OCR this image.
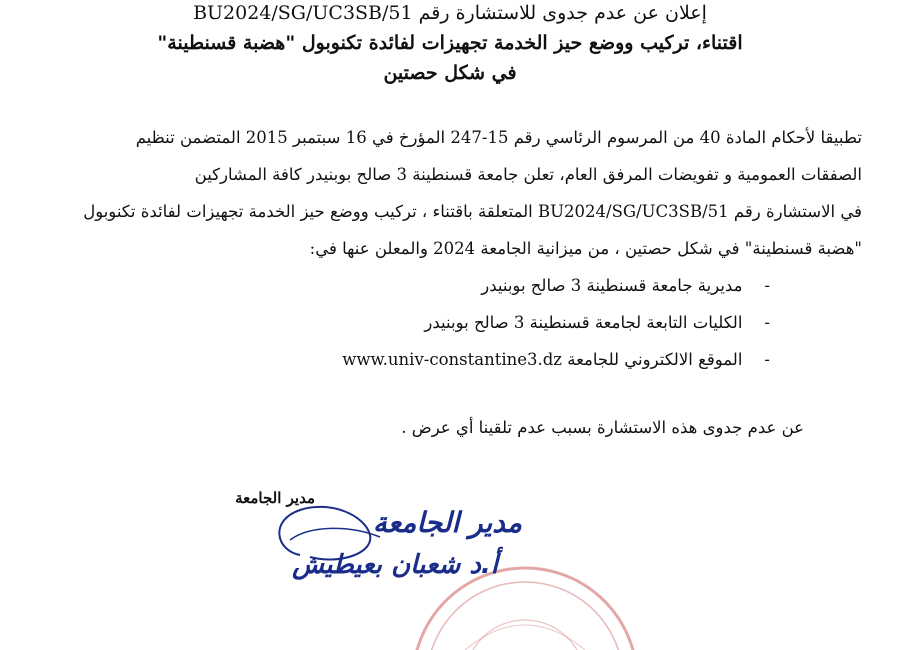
إعلان عن عدم جدوى للاستشارة رقم BU2024/SG/UC3SB/51
اقتناء، تركيب ووضع حيز الخدمة تجهيزات لفائدة تكنوبول "هضبة قسنطينة"
في شكل حصتين
تطبيقا لأحكام المادة 40 من المرسوم الرئاسي رقم 15-247 المؤرخ في 16 سبتمبر 2015 المتضمن تنظيم
الصفقات العمومية و تفويضات المرفق العام، تعلن جامعة قسنطينة 3 صالح بوبنيدر كافة المشاركين
في الاستشارة رقم BU2024/SG/UC3SB/51 المتعلقة باقتناء ، تركيب ووضع حيز الخدمة تجهيزات لفائدة تكنوبول
"هضبة قسنطينة" في شكل حصتين ، من ميزانية الجامعة 2024 والمعلن عنها في:
-مديرية جامعة قسنطينة 3 صالح بوبنيدر
-الكليات التابعة لجامعة قسنطينة 3 صالح بوبنيدر
-الموقع الالكتروني للجامعة www.univ-constantine3.dz
عن عدم جدوى هذه الاستشارة بسبب عدم تلقينا أي عرض .
مدير الجامعة
مدير الجامعة
أ.د شعبان بعيطيش
